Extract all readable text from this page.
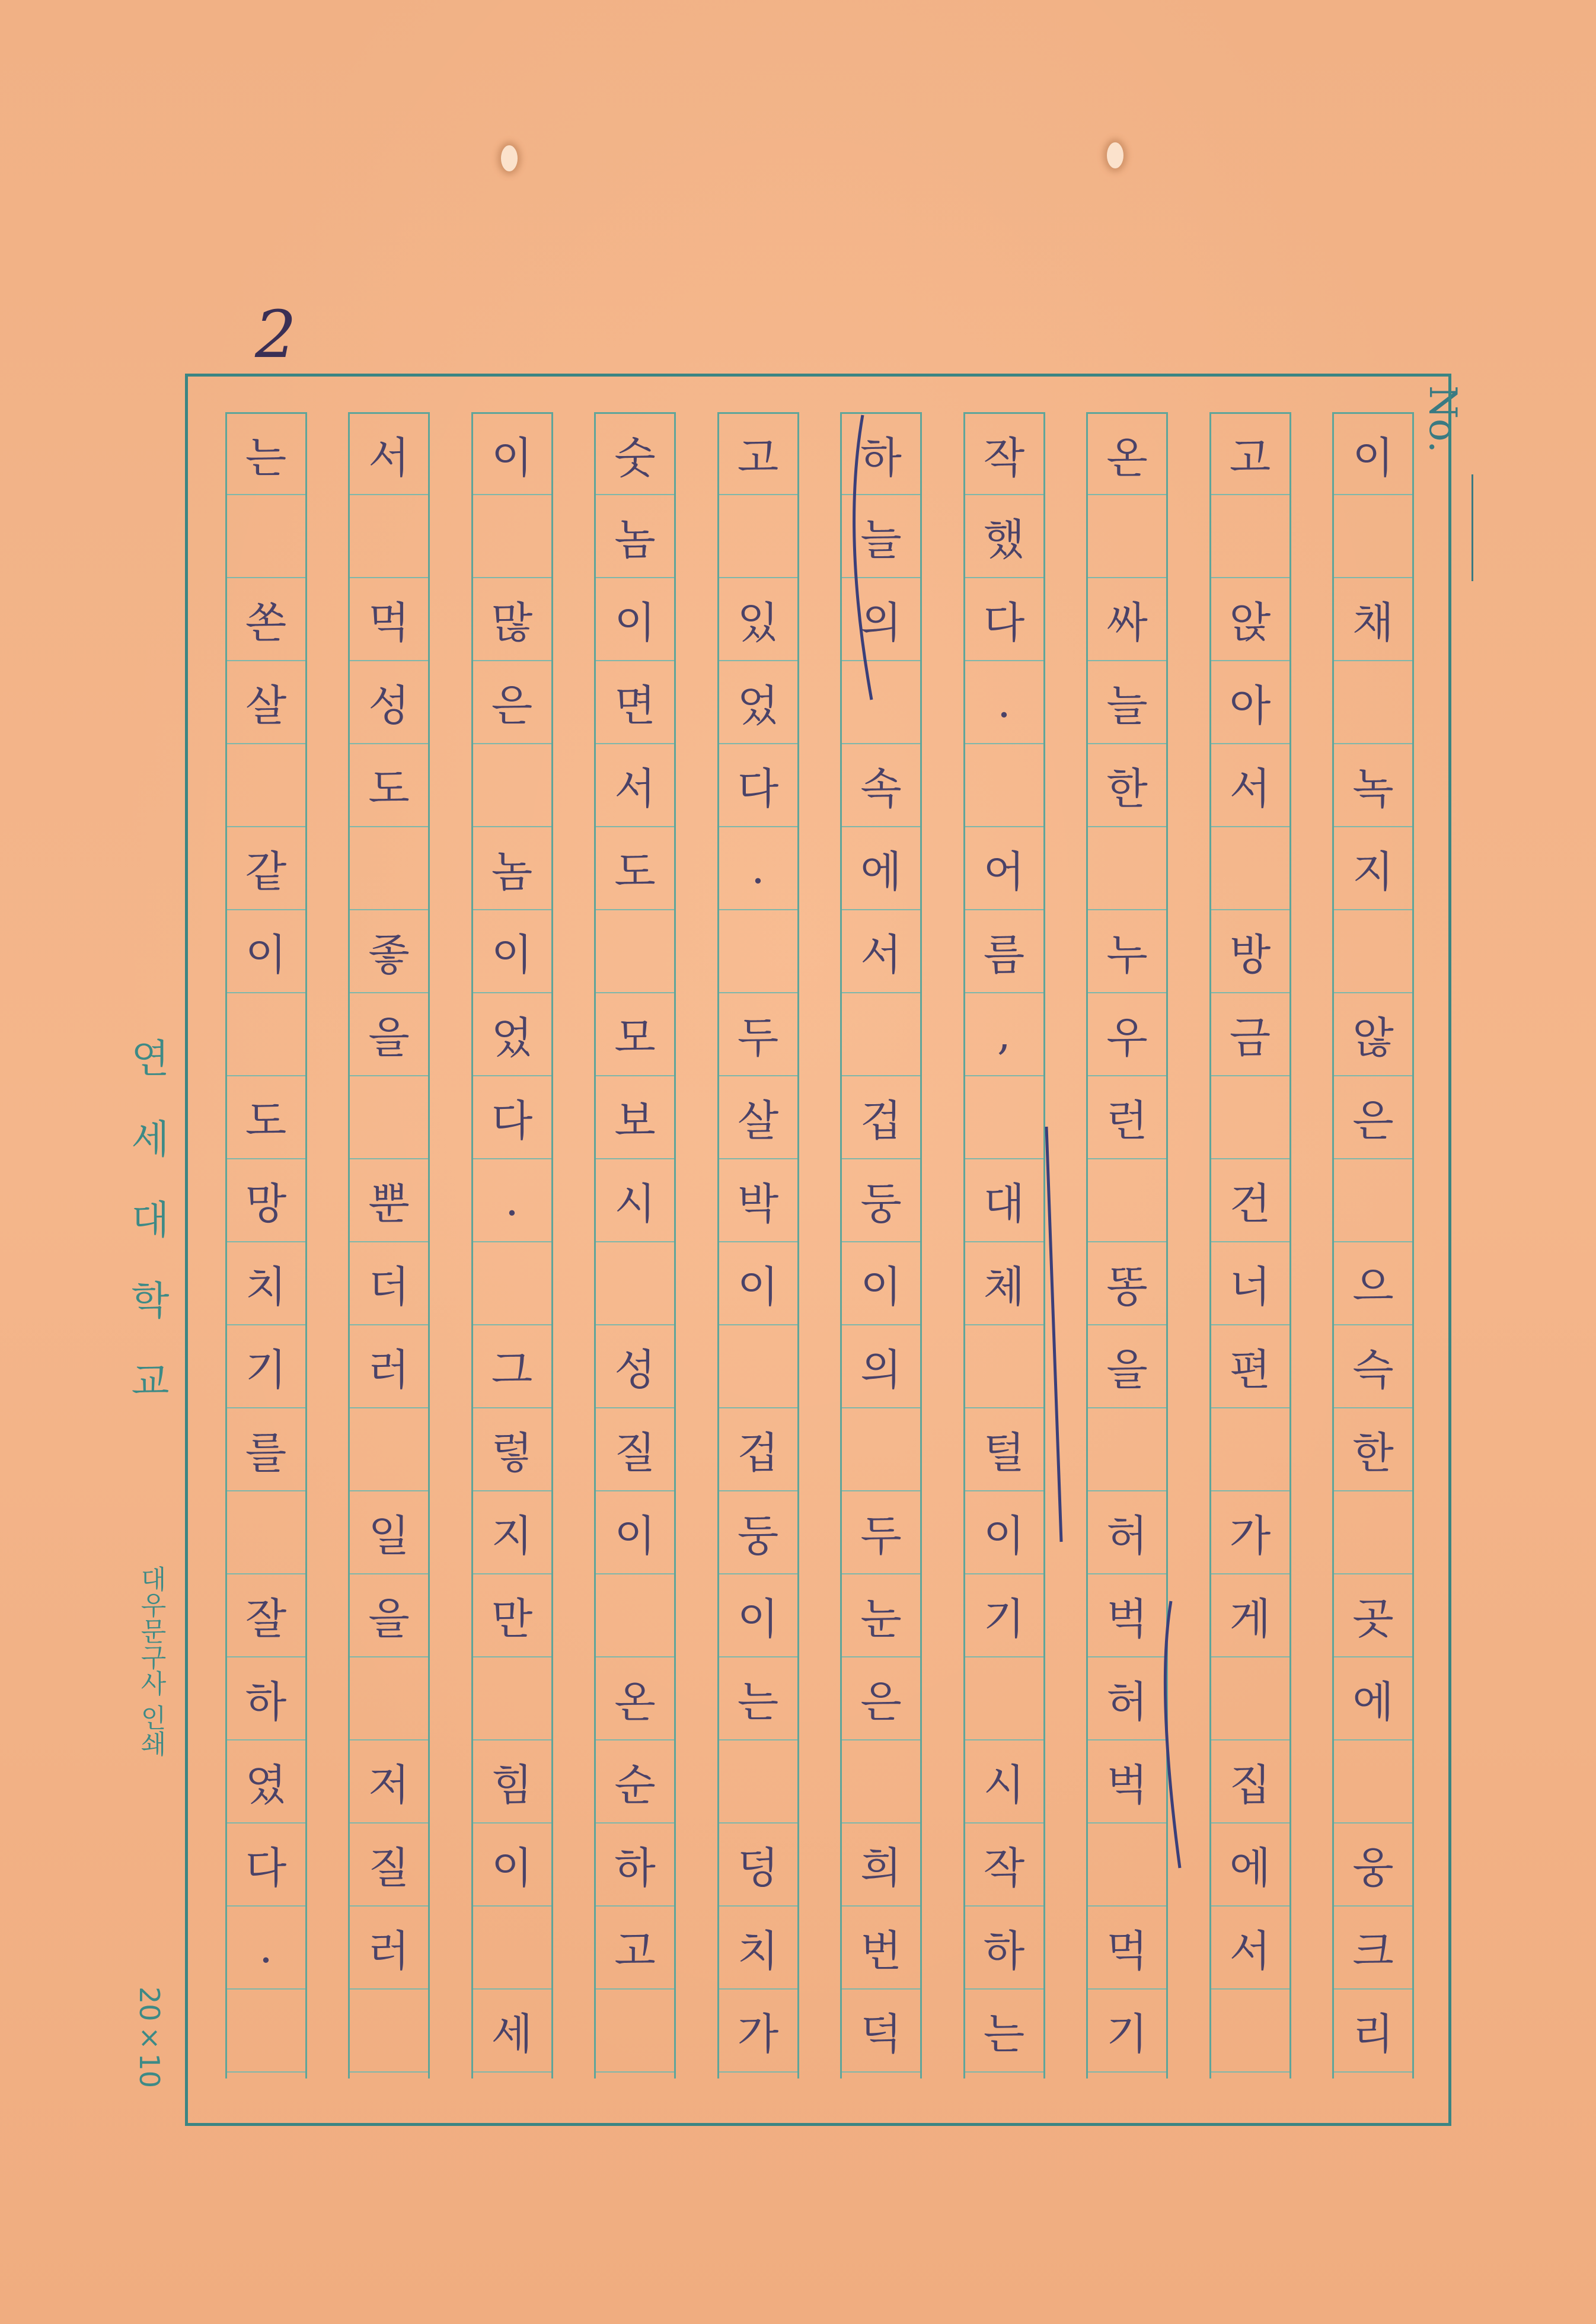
2
No.
이
채
녹
지
않
은
으
슥
한
곳
에
웅
크
리
고
앉
아
서
방
금
건
너
편
가
게
집
에
서
온
싸
늘
한
누
우
런
똥
을
허
벅
허
벅
먹
기
작
했
다
.
어
름
,
대
체
털
이
기
시
작
하
는
하
늘
의
속
에
서
겁
둥
이
의
두
눈
은
희
번
덕
고
있
었
다
.
두
살
박
이
겁
둥
이
는
덩
치
가
숫
놈
이
면
서
도
모
보
시
성
질
이
온
순
하
고
이
많
은
놈
이
었
다
.
그
렇
지
만
힘
이
세
서
먹
성
도
좋
을
뿐
더
러
일
을
저
질
러
는
쏜
살
같
이
도
망
치
기
를
잘
하
였
다
.
연세대학교
대우문구사 인쇄
20×10
